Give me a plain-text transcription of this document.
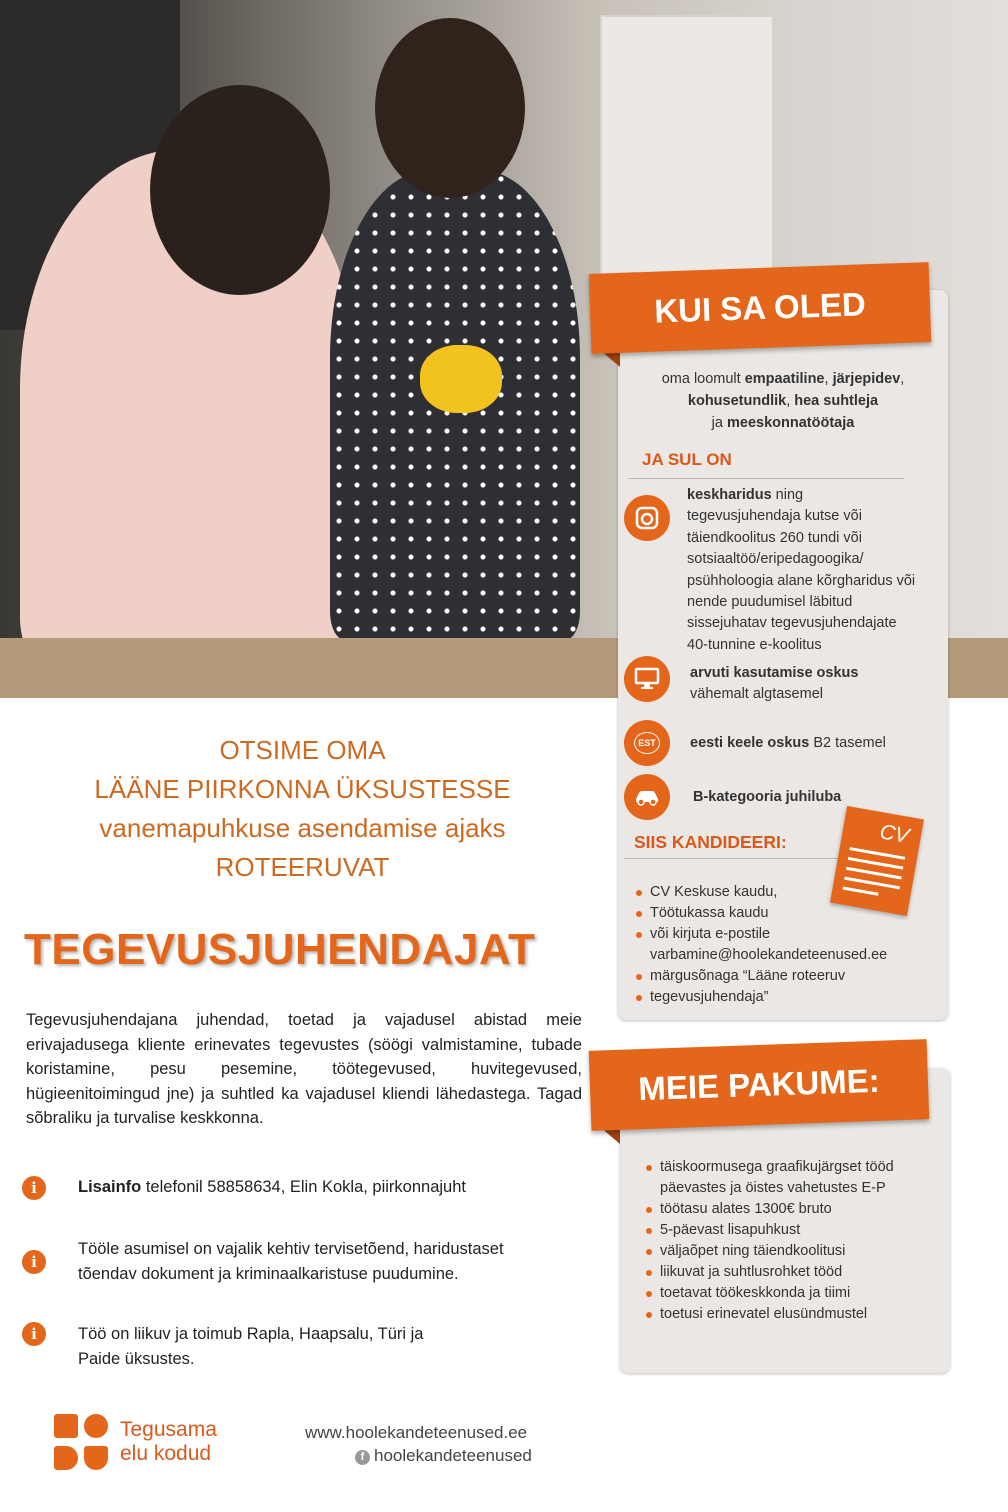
KUI SA OLED
oma loomult empaatiline, järjepidev,
kohusetundlik, hea suhtleja
ja meeskonnatöötaja
JA SUL ON
keskharidus ning
tegevusjuhendaja kutse või
täiendkoolitus 260 tundi või
sotsiaaltöö/eripedagoogika/
psühholoogia alane kõrgharidus või
nende puudumisel läbitud
sissejuhatav tegevusjuhendajate
40-tunnine e-koolitus
arvuti kasutamise oskus
vähemalt algtasemel
EST eesti keele oskus B2 tasemel
B-kategooria juhiluba
SIIS KANDIDEERI:	CV
CV Keskuse kaudu,
Töötukassa kaudu
või kirjuta e-postile
varbamine@hoolekandeteenused.ee
märgusõnaga “Lääne roteeruv
tegevusjuhendaja”
MEIE PAKUME:
täiskoormusega graafikujärgset tööd
päevastes ja öistes vahetustes E-P
töötasu alates 1300€ bruto
5-päevast lisapuhkust
väljaõpet ning täiendkoolitusi
liikuvat ja suhtlusrohket tööd
toetavat töökeskkonda ja tiimi
toetusi erinevatel elusündmustel
OTSIME OMA
LÄÄNE PIIRKONNA ÜKSUSTESSE
vanemapuhkuse asendamise ajaks
ROTEERUVAT
TEGEVUSJUHENDAJAT
Tegevusjuhendajana juhendad, toetad ja vajadusel abistad meie erivajadusega kliente erinevates tegevustes (söögi valmistamine, tubade koristamine, pesu pesemine, töötegevused, huvitegevused, hügieenitoimingud jne) ja suhtled ka vajadusel kliendi lähedastega. Tagad sõbraliku ja turvalise keskkonna.
i	Lisainfo telefonil 58858634, Elin Kokla, piirkonnajuht
i
Tööle asumisel on vajalik kehtiv tervisetõend, haridustaset
tõendav dokument ja kriminaalkaristuse puudumine.
i	Töö on liikuv ja toimub Rapla, Haapsalu, Türi ja
Paide üksustes.
Tegusama
elu kodud
www.hoolekandeteenused.ee
f hoolekandeteenused
